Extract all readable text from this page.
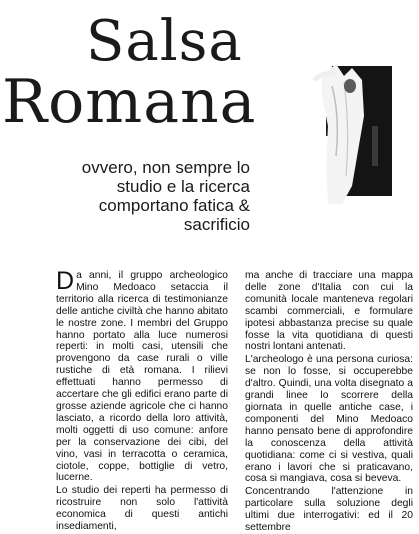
Salsa
Romana
ovvero, non sempre lo studio e la ricerca comportano fatica & sacrificio

Da anni, il gruppo archeologico Mino Medoaco setaccia il territorio alla ricerca di testimonianze delle antiche civiltà che hanno abitato le nostre zone. I membri del Gruppo hanno portato alla luce numerosi reperti: in molti casi, utensili che provengono da case rurali o ville rustiche di età romana. I rilievi effettuati hanno permesso di accertare che gli edifici erano parte di grosse aziende agricole che ci hanno lasciato, a ricordo della loro attività, molti oggetti di uso comune: anfore per la conservazione dei cibi, del vino, vasi in terracotta o ceramica, ciotole, coppe, bottiglie di vetro, lucerne.

Lo studio dei reperti ha permesso di ricostruire non solo l'attività economica di questi antichi insediamenti,

ma anche di tracciare una mappa delle zone d'Italia con cui la comunità locale manteneva regolari scambi commerciali, e formulare ipotesi abbastanza precise su quale fosse la vita quotidiana di questi nostri lontani antenati.

L'archeologo è una persona curiosa: se non lo fosse, si occuperebbe d'altro. Quindi, una volta disegnato a grandi linee lo scorrere della giornata in quelle antiche case, i componenti del Mino Medoaco hanno pensato bene di approfondire la conoscenza della attività quotidiana: come ci si vestiva, quali erano i lavori che si praticavano, cosa si mangiava, cosa si beveva.

Concentrando l'attenzione in particolare sulla soluzione degli ultimi due interrogativi: ed il 20 settembre
